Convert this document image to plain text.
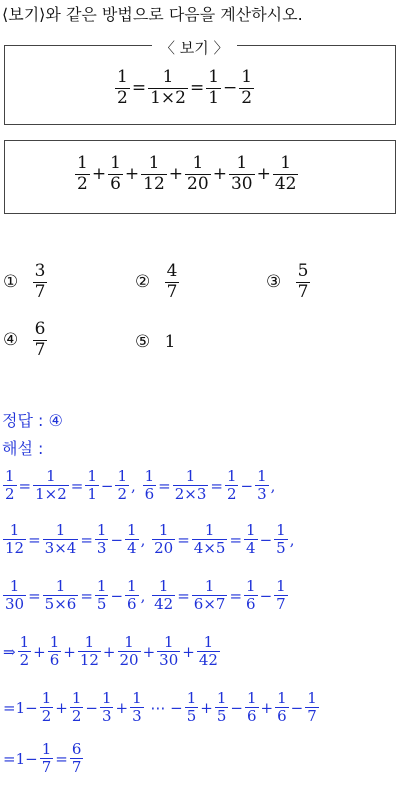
⟨보기⟩와 같은 방법으로 다음을 계산하시오.
〈 보기 〉
$\frac{1}{2} = \frac{1}{1\times 2} = \frac{1}{1} - \frac{1}{2}$
$\frac{1}{2} + \frac{1}{6} + \frac{1}{12} + \frac{1}{20} + \frac{1}{30} + \frac{1}{42}$
① $\frac{3}{7}$	② $\frac{4}{7}$	③ $\frac{5}{7}$
④ $\frac{6}{7}$	⑤ 1
정답 : ④
해설 :
$\frac{1}{2} = \frac{1}{1\times 2} = \frac{1}{1} - \frac{1}{2}$ , $\frac{1}{6} = \frac{1}{2\times 3} = \frac{1}{2} - \frac{1}{3}$ ,
$\frac{1}{12} = \frac{1}{3\times 4} = \frac{1}{3} - \frac{1}{4}$ , $\frac{1}{20} = \frac{1}{4\times 5} = \frac{1}{4} - \frac{1}{5}$ ,
$\frac{1}{30} = \frac{1}{5\times 6} = \frac{1}{5} - \frac{1}{6}$ , $\frac{1}{42} = \frac{1}{6\times 7} = \frac{1}{6} - \frac{1}{7}$
⇒ $\frac{1}{2} + \frac{1}{6} + \frac{1}{12} + \frac{1}{20} + \frac{1}{30} + \frac{1}{42}$
$=1- \frac{1}{2} + \frac{1}{2} - \frac{1}{3} + \frac{1}{3}$ ⋯ − $\frac{1}{5} + \frac{1}{5} - \frac{1}{6} + \frac{1}{6} - \frac{1}{7}$
$=1- \frac{1}{7} = \frac{6}{7}$
